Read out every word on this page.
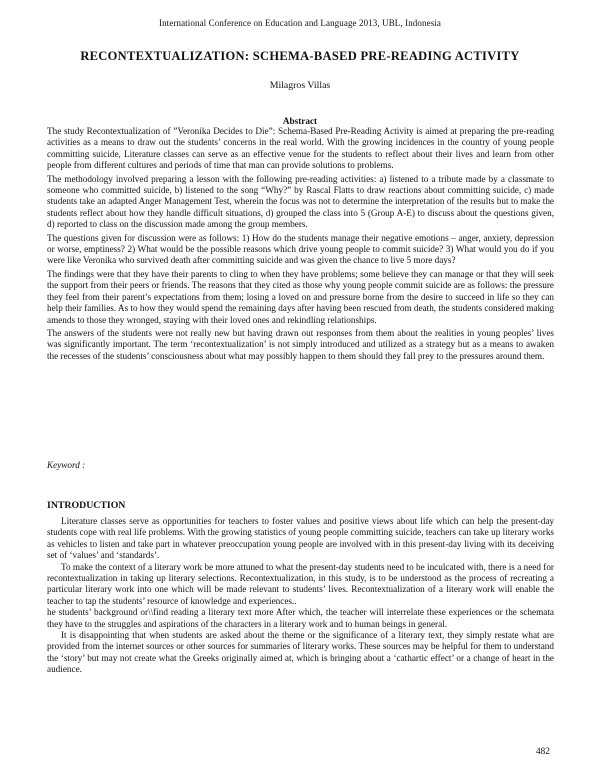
International Conference on Education and Language 2013, UBL, Indonesia
RECONTEXTUALIZATION: SCHEMA-BASED PRE-READING ACTIVITY
Milagros Villas
Abstract

The study Recontextualization of ”Veronika Decides to Die”: Schema-Based Pre-Reading Activity is aimed at preparing the pre-reading activities as a means to draw out the students’ concerns in the real world. With the growing incidences in the country of young people committing suicide, Literature classes can serve as an effective venue for the students to reflect about their lives and learn from other people from different cultures and periods of time that man can provide solutions to problems.

The methodology involved preparing a lesson with the following pre-reading activities: a) listened to a tribute made by a classmate to someone who committed suicide, b) listened to the song “Why?” by Rascal Flatts to draw reactions about committing suicide, c) made students take an adapted Anger Management Test, wherein the focus was not to determine the interpretation of the results but to make the students reflect about how they handle difficult situations, d) grouped the class into 5 (Group A-E) to discuss about the questions given, d) reported to class on the discussion made among the group members.

The questions given for discussion were as follows: 1) How do the students manage their negative emotions – anger, anxiety, depression or worse, emptiness? 2) What would be the possible reasons which drive young people to commit suicide? 3) What would you do if you were like Veronika who survived death after committing suicide and was given the chance to live 5 more days?

The findings were that they have their parents to cling to when they have problems; some believe they can manage or that they will seek the support from their peers or friends. The reasons that they cited as those why young people commit suicide are as follows: the pressure they feel from their parent’s expectations from them; losing a loved on and pressure borne from the desire to succeed in life so they can help their families. As to how they would spend the remaining days after having been rescued from death, the students considered making amends to those they wronged, staying with their loved ones and rekindling relationships.

The answers of the students were not really new but having drawn out responses from them about the realities in young peoples’ lives was significantly important. The term ‘recontextualization’ is not simply introduced and utilized as a strategy but as a means to awaken the recesses of the students’ consciousness about what may possibly happen to them should they fall prey to the pressures around them.

Keyword :
INTRODUCTION

Literature classes serve as opportunities for teachers to foster values and positive views about life which can help the present-day students cope with real life problems. With the growing statistics of young people committing suicide, teachers can take up literary works as vehicles to listen and take part in whatever preoccupation young people are involved with in this present-day living with its deceiving set of ‘values’ and ‘standards’.

To make the context of a literary work be more attuned to what the present-day students need to be inculcated with, there is a need for recontextualization in taking up literary selections. Recontextualization, in this study, is to be understood as the process of recreating a particular literary work into one which will be made relevant to students’ lives. Recontextualization of a literary work will enable the teacher to tap the students’ resource of knowledge and experiences..

he students’ background or\\find reading a literary text more After which, the teacher will interrelate these experiences or the schemata they have to the struggles and aspirations of the characters in a literary work and to human beings in general.

It is disappointing that when students are asked about the theme or the significance of a literary text, they simply restate what are provided from the internet sources or other sources for summaries of literary works. These sources may be helpful for them to understand the ‘story’ but may not create what the Greeks originally aimed at, which is bringing about a ‘cathartic effect’ or a change of heart in the audience.

482
